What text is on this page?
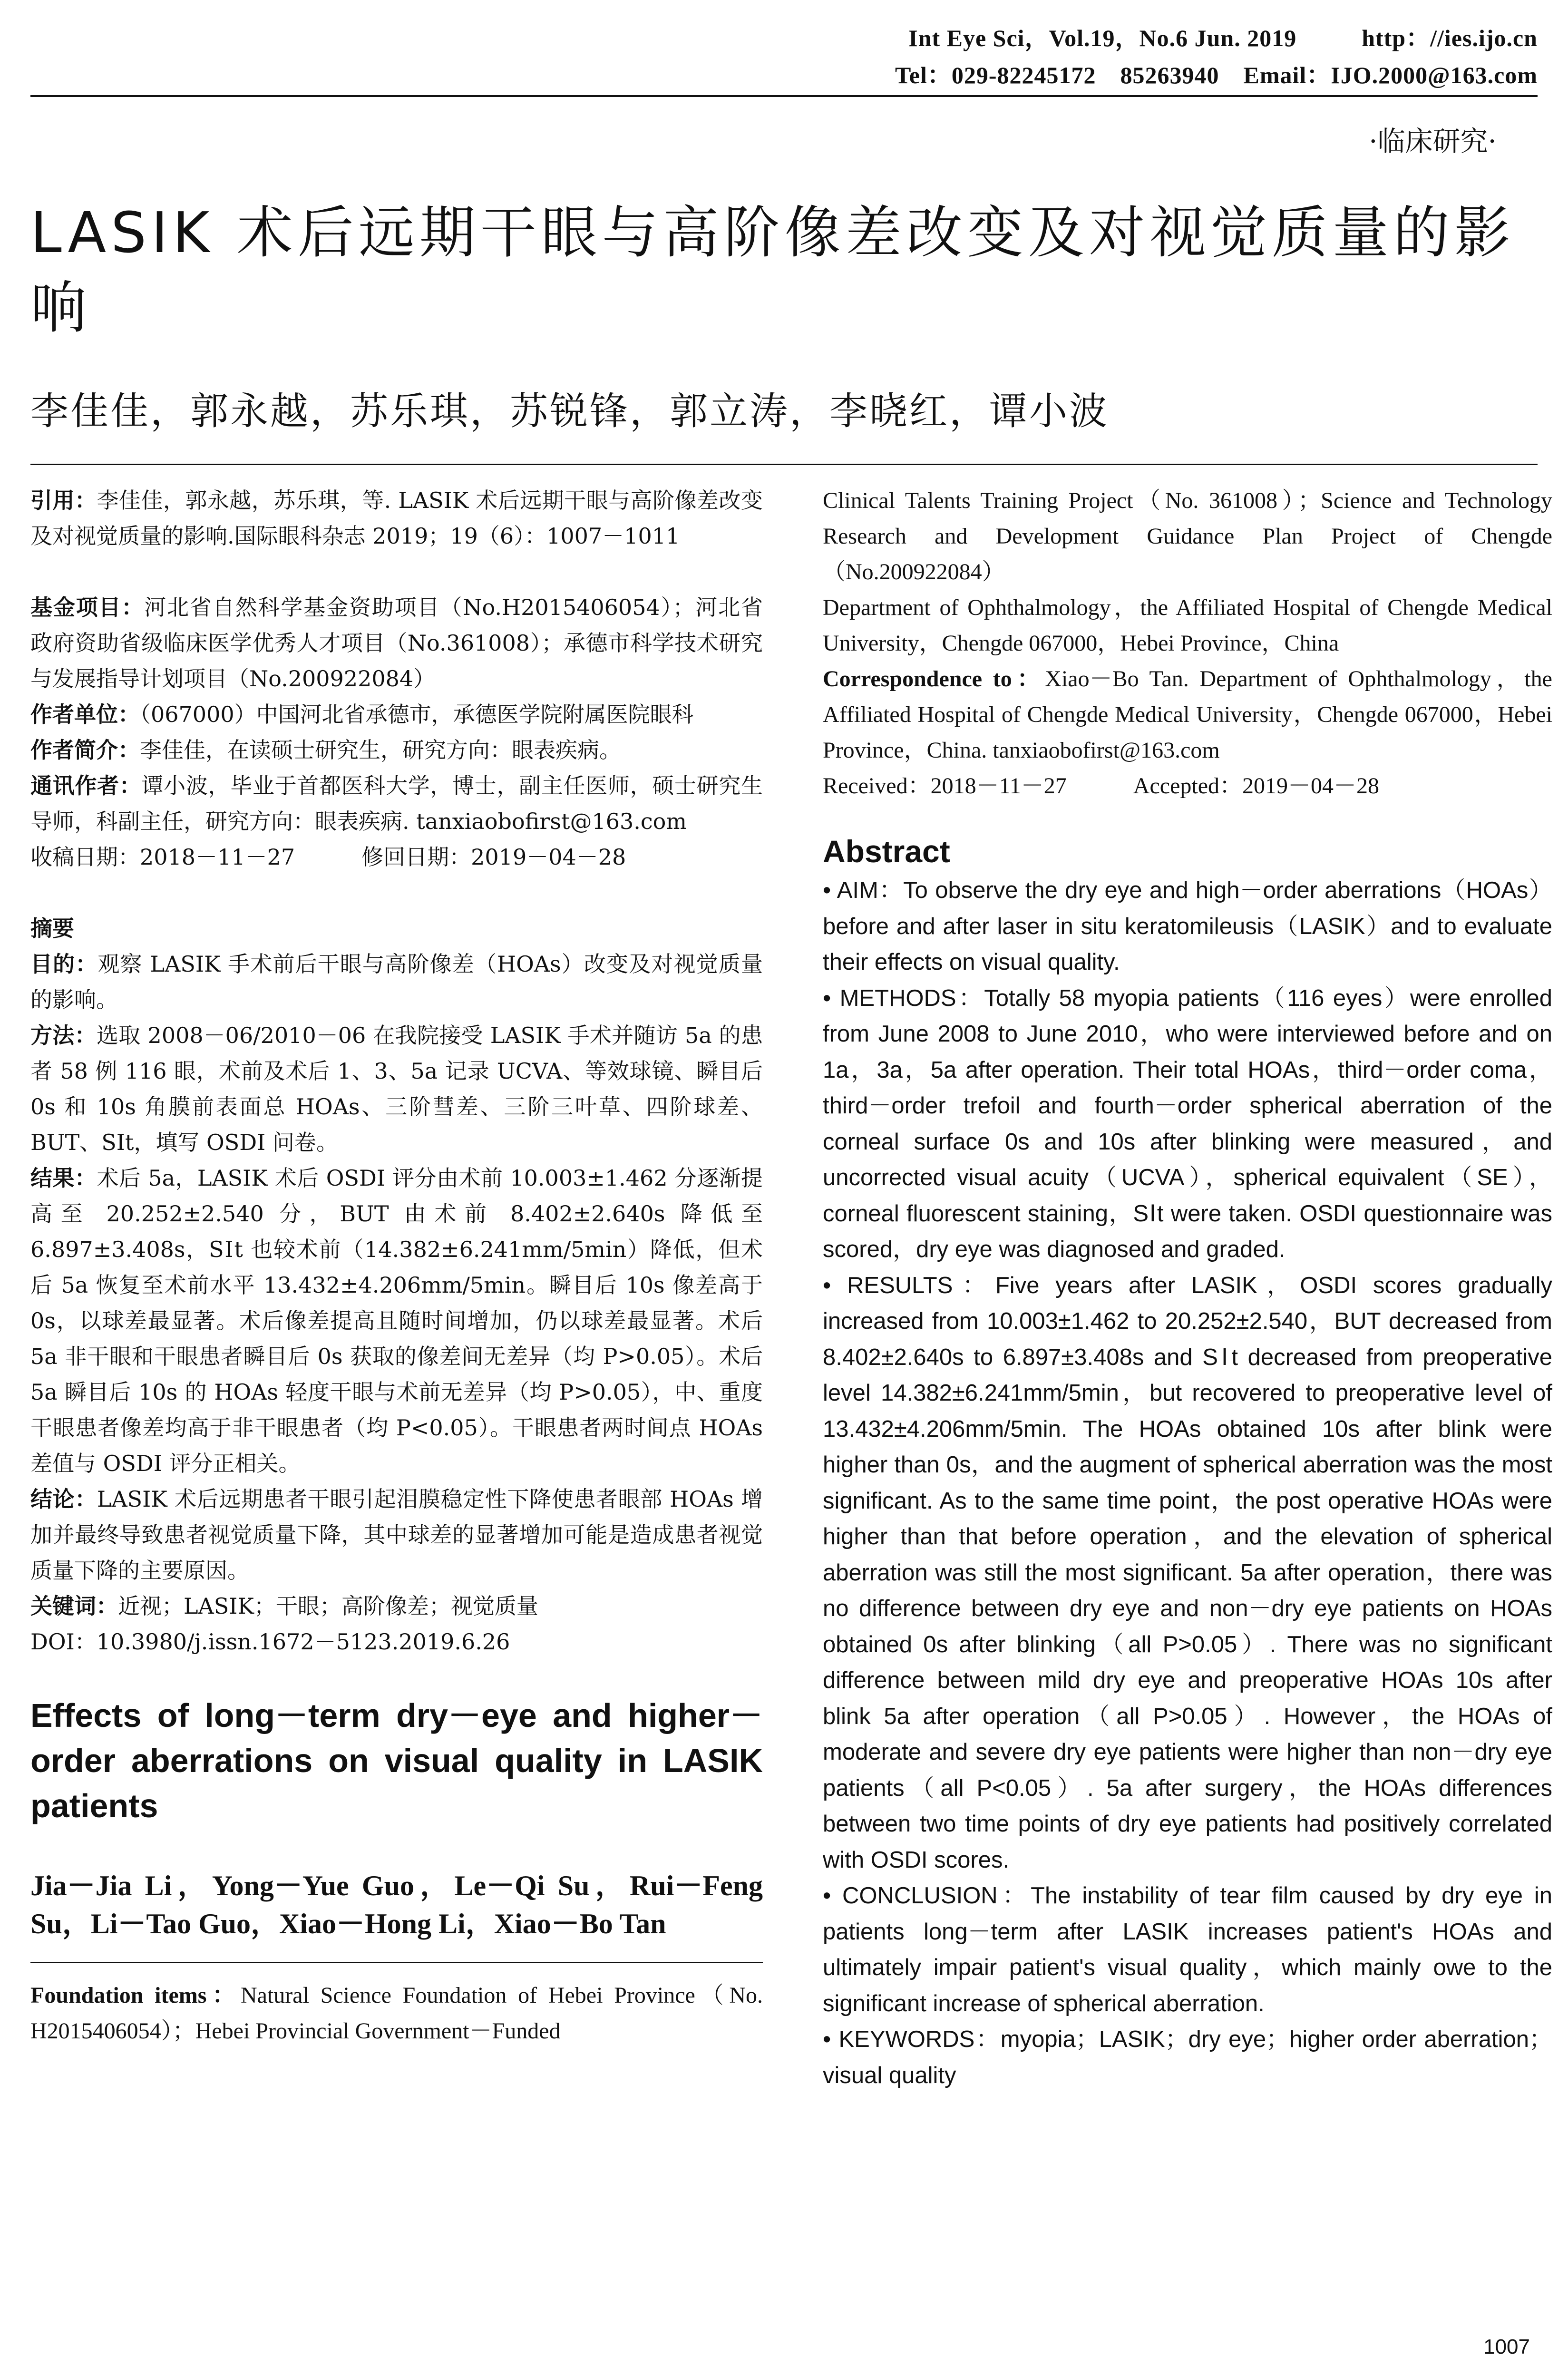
Int Eye Sci，Vol.19，No.6 Jun. 2019	http：//ies.ijo.cn
Tel：029-82245172　85263940　Email：IJO.2000@163.com
·临床研究·
LASIK 术后远期干眼与高阶像差改变及对视觉质量的影响
李佳佳，郭永越，苏乐琪，苏锐锋，郭立涛，李晓红，谭小波

引用：李佳佳，郭永越，苏乐琪，等. LASIK 术后远期干眼与高阶像差改变及对视觉质量的影响.国际眼科杂志 2019；19（6）：1007－1011

基金项目：河北省自然科学基金资助项目（No.H2015406054）；河北省政府资助省级临床医学优秀人才项目（No.361008）；承德市科学技术研究与发展指导计划项目（No.200922084）

作者单位：（067000）中国河北省承德市，承德医学院附属医院眼科

作者简介：李佳佳，在读硕士研究生，研究方向：眼表疾病。

通讯作者：谭小波，毕业于首都医科大学，博士，副主任医师，硕士研究生导师，科副主任，研究方向：眼表疾病. tanxiaobofirst@163.com

收稿日期：2018－11－27	修回日期：2019－04－28

摘要

目的：观察 LASIK 手术前后干眼与高阶像差（HOAs）改变及对视觉质量的影响。

方法：选取 2008－06/2010－06 在我院接受 LASIK 手术并随访 5a 的患者 58 例 116 眼，术前及术后 1、3、5a 记录 UCVA、等效球镜、瞬目后 0s 和 10s 角膜前表面总 HOAs、三阶彗差、三阶三叶草、四阶球差、BUT、SⅠt，填写 OSDI 问卷。

结果：术后 5a，LASIK 术后 OSDI 评分由术前 10.003±1.462 分逐渐提高至 20.252±2.540 分，BUT 由术前 8.402±2.640s 降低至 6.897±3.408s，SⅠt 也较术前（14.382±6.241mm/5min）降低，但术后 5a 恢复至术前水平 13.432±4.206mm/5min。瞬目后 10s 像差高于 0s，以球差最显著。术后像差提高且随时间增加，仍以球差最显著。术后 5a 非干眼和干眼患者瞬目后 0s 获取的像差间无差异（均 P>0.05）。术后 5a 瞬目后 10s 的 HOAs 轻度干眼与术前无差异（均 P>0.05），中、重度干眼患者像差均高于非干眼患者（均 P<0.05）。干眼患者两时间点 HOAs 差值与 OSDI 评分正相关。

结论：LASIK 术后远期患者干眼引起泪膜稳定性下降使患者眼部 HOAs 增加并最终导致患者视觉质量下降，其中球差的显著增加可能是造成患者视觉质量下降的主要原因。

关键词：近视；LASIK；干眼；高阶像差；视觉质量

DOI：10.3980/j.issn.1672－5123.2019.6.26

Effects of long－term dry－eye and higher－order aberrations on visual quality in LASIK patients

Jia－Jia Li，Yong－Yue Guo，Le－Qi Su，Rui－Feng Su，Li－Tao Guo，Xiao－Hong Li，Xiao－Bo Tan

Foundation items：Natural Science Foundation of Hebei Province（No. H2015406054）；Hebei Provincial Government－Funded

Clinical Talents Training Project（No. 361008）；Science and Technology Research and Development Guidance Plan Project of Chengde（No.200922084）

Department of Ophthalmology，the Affiliated Hospital of Chengde Medical University，Chengde 067000，Hebei Province，China

Correspondence to：Xiao－Bo Tan. Department of Ophthalmology，the Affiliated Hospital of Chengde Medical University，Chengde 067000，Hebei Province，China. tanxiaobofirst@163.com

Received：2018－11－27	Accepted：2019－04－28

Abstract

• AIM：To observe the dry eye and high－order aberrations（HOAs）before and after laser in situ keratomileusis（LASIK）and to evaluate their effects on visual quality.

• METHODS：Totally 58 myopia patients（116 eyes）were enrolled from June 2008 to June 2010，who were interviewed before and on 1a，3a，5a after operation. Their total HOAs，third－order coma，third－order trefoil and fourth－order spherical aberration of the corneal surface 0s and 10s after blinking were measured，and uncorrected visual acuity（UCVA），spherical equivalent（SE），corneal fluorescent staining，SⅠt were taken. OSDI questionnaire was scored，dry eye was diagnosed and graded.

• RESULTS：Five years after LASIK，OSDI scores gradually increased from 10.003±1.462 to 20.252±2.540，BUT decreased from 8.402±2.640s to 6.897±3.408s and SⅠt decreased from preoperative level 14.382±6.241mm/5min，but recovered to preoperative level of 13.432±4.206mm/5min. The HOAs obtained 10s after blink were higher than 0s，and the augment of spherical aberration was the most significant. As to the same time point，the post operative HOAs were higher than that before operation，and the elevation of spherical aberration was still the most significant. 5a after operation，there was no difference between dry eye and non－dry eye patients on HOAs obtained 0s after blinking（all P>0.05）. There was no significant difference between mild dry eye and preoperative HOAs 10s after blink 5a after operation（all P>0.05）. However，the HOAs of moderate and severe dry eye patients were higher than non－dry eye patients（all P<0.05）. 5a after surgery，the HOAs differences between two time points of dry eye patients had positively correlated with OSDI scores.

• CONCLUSION：The instability of tear film caused by dry eye in patients long－term after LASIK increases patient's HOAs and ultimately impair patient's visual quality，which mainly owe to the significant increase of spherical aberration.

• KEYWORDS：myopia；LASIK；dry eye；higher order aberration；visual quality

1007
